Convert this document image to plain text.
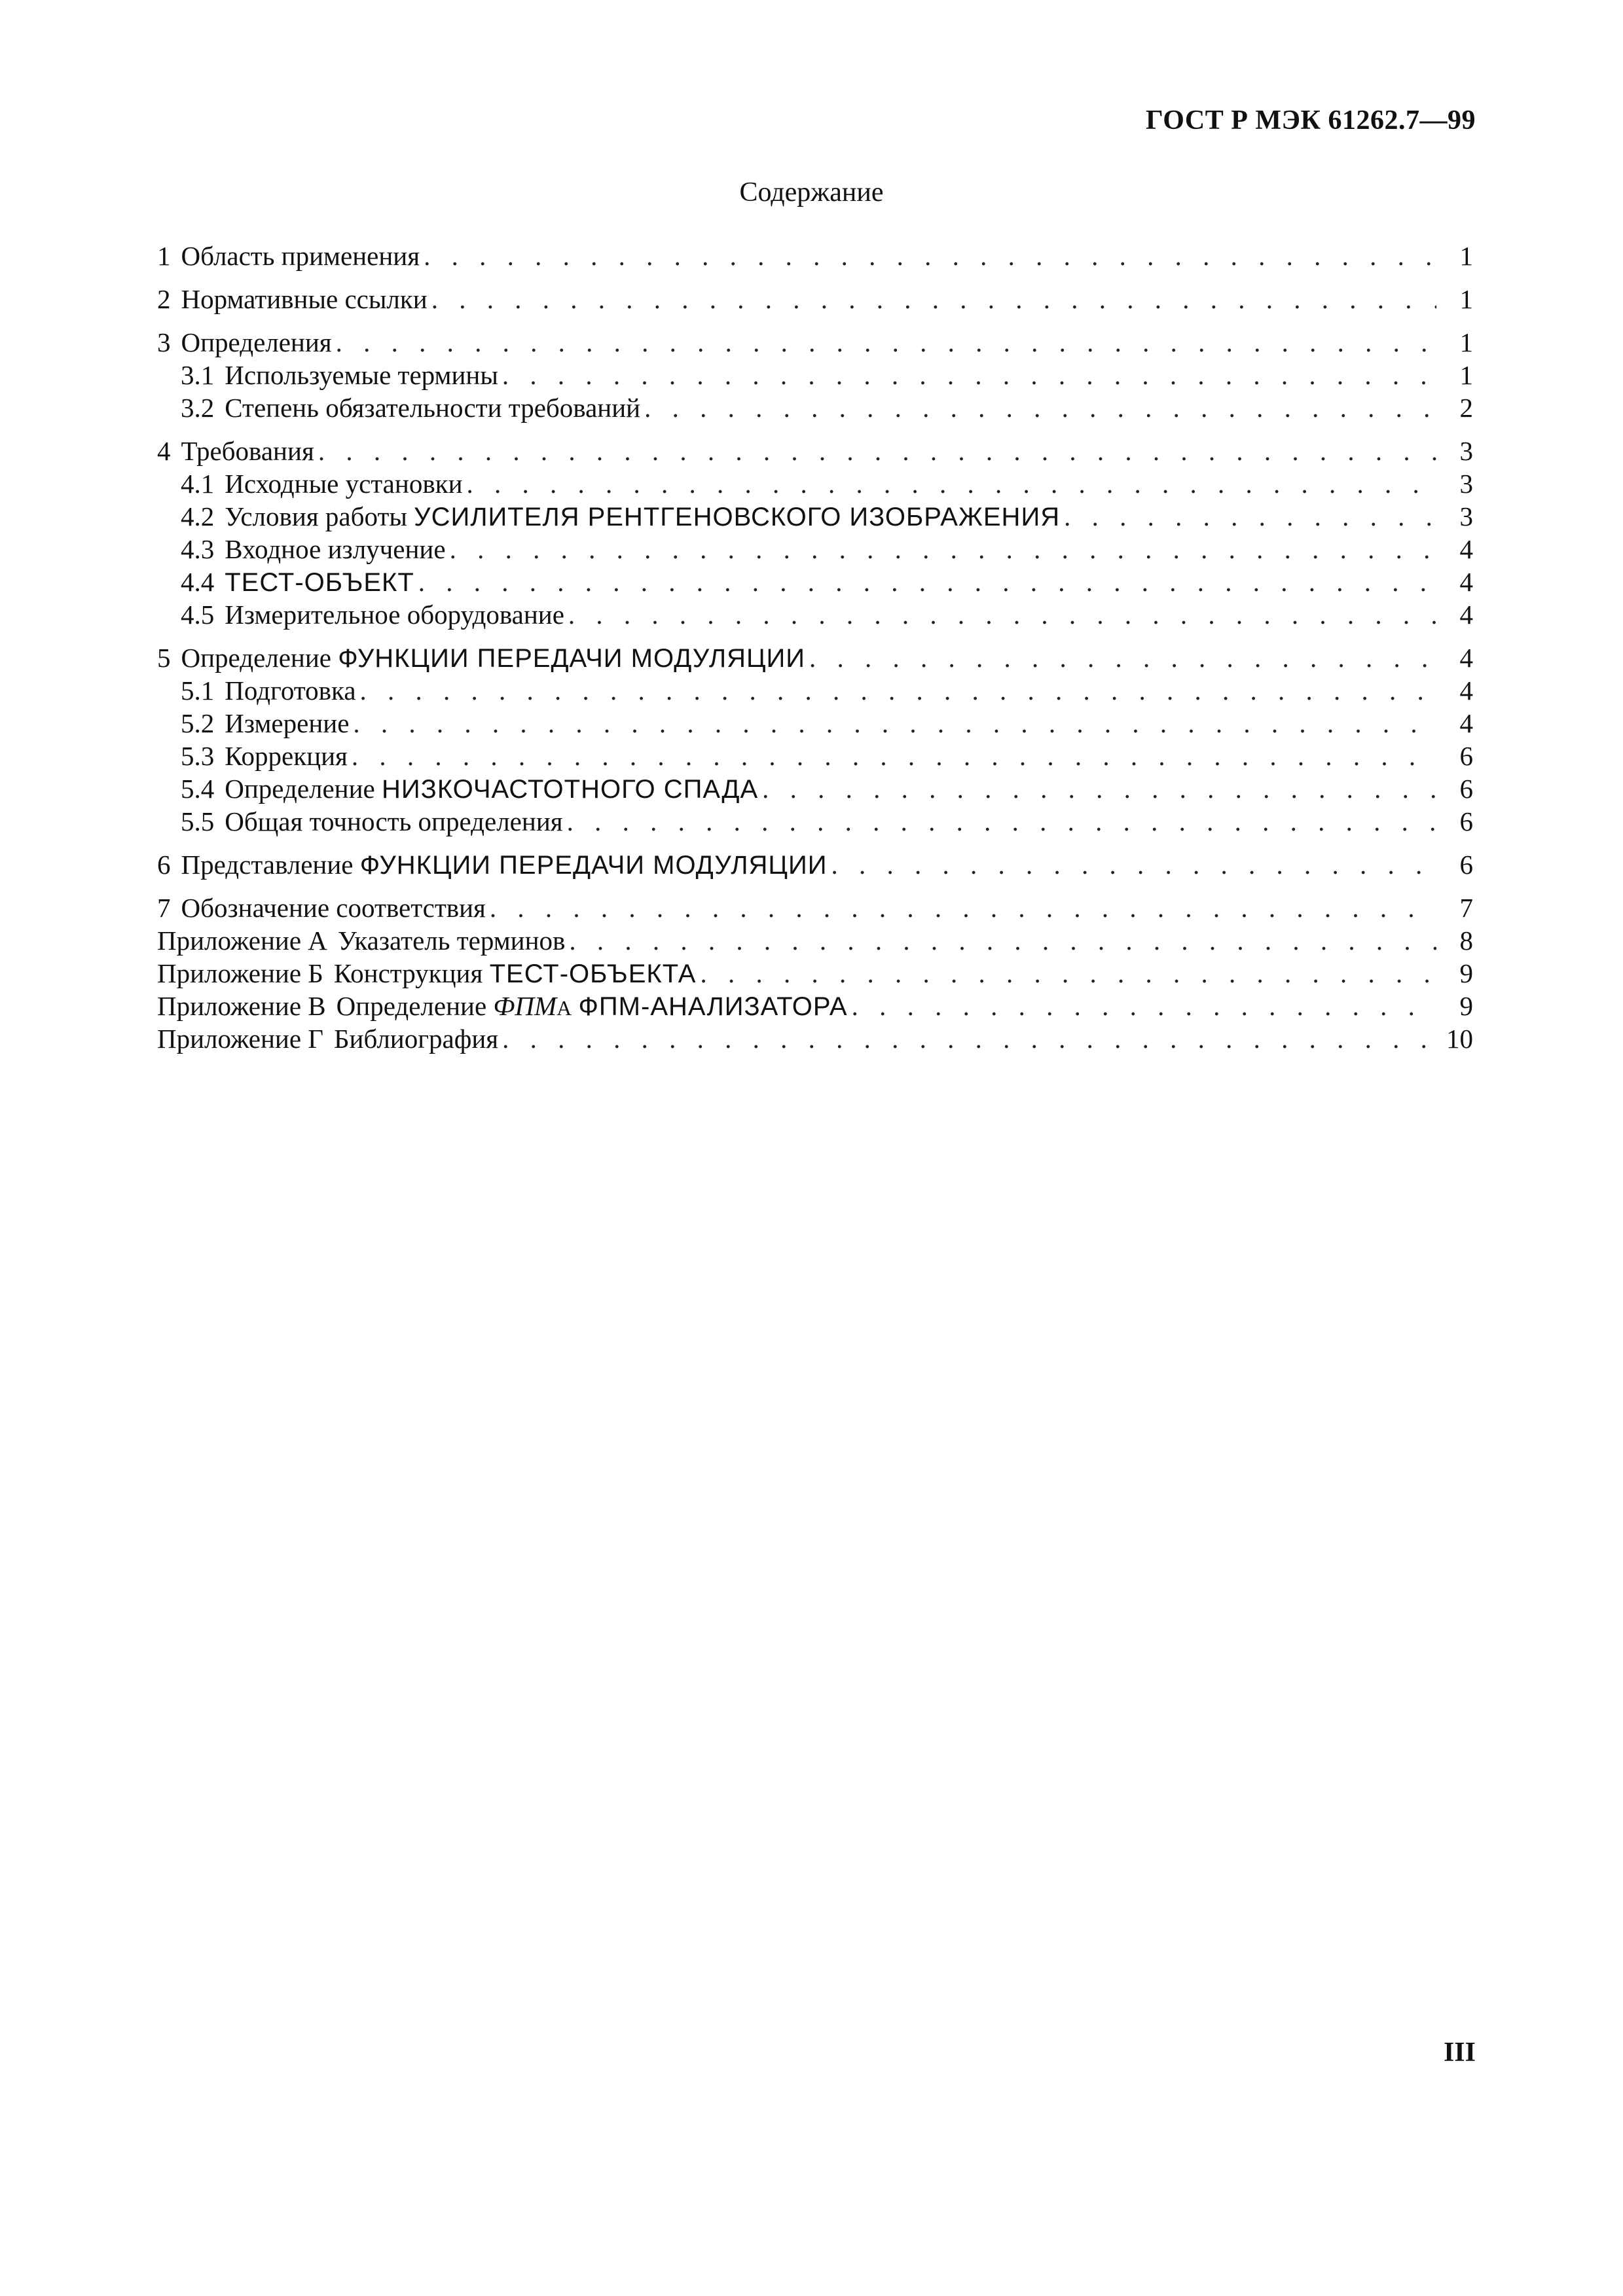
ГОСТ Р МЭК 61262.7—99
Содержание
1 Область применения . . .	1
2 Нормативные ссылки . . .	1
3 Определения . . .	1
3.1 Используемые термины . . .	1
3.2 Степень обязательности требований . . .	2
4 Требования . . .	3
4.1 Исходные установки . . .	3
4.2 Условия работы УСИЛИТЕЛЯ РЕНТГЕНОВСКОГО ИЗОБРАЖЕНИЯ . . .	3
4.3 Входное излучение . . .	4
4.4 ТЕСТ-ОБЪЕКТ . . .	4
4.5 Измерительное оборудование . . .	4
5 Определение ФУНКЦИИ ПЕРЕДАЧИ МОДУЛЯЦИИ . . .	4
5.1 Подготовка . . .	4
5.2 Измерение . . .	4
5.3 Коррекция . . .	6
5.4 Определение НИЗКОЧАСТОТНОГО СПАДА . . .	6
5.5 Общая точность определения . . .	6
6 Представление ФУНКЦИИ ПЕРЕДАЧИ МОДУЛЯЦИИ . . .	6
7 Обозначение соответствия . . .	7
Приложение А Указатель терминов . . .	8
Приложение Б Конструкция ТЕСТ-ОБЪЕКТА . . .	9
Приложение В Определение ФПМА ФПМ-АНАЛИЗАТОРА . . .	9
Приложение Г Библиография . . .	10
III
